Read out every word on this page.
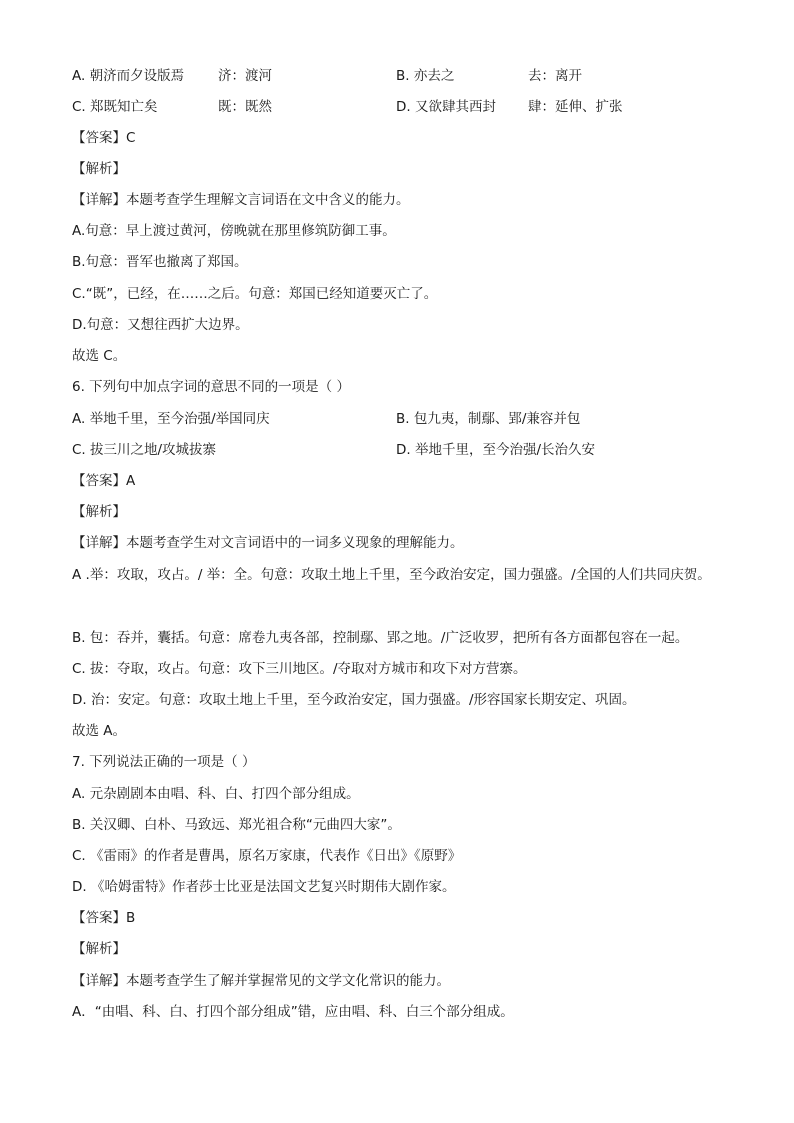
A. 朝济而夕设版焉	济：渡河	B. 亦去之	去：离开
C. 郑既知亡矣	既：既然	D. 又欲肆其西封 肆：延伸、扩张
【答案】C
【解析】
【详解】本题考查学生理解文言词语在文中含义的能力。
A.句意：早上渡过黄河，傍晚就在那里修筑防御工事。
B.句意：晋军也撤离了郑国。
C.“既”，已经，在……之后。句意：郑国已经知道要灭亡了。
D.句意：又想往西扩大边界。
故选 C。
6. 下列句中加点字词的意思不同的一项是（ ）
A. 举地千里，至今治强/举国同庆	B. 包九夷，制鄢、郢/兼容并包
C. 拔三川之地/攻城拔寨	D. 举地千里，至今治强/长治久安
【答案】A
【解析】
【详解】本题考查学生对文言词语中的一词多义现象的理解能力。
A .举：攻取，攻占。/ 举：全。句意：攻取土地上千里，至今政治安定，国力强盛。/全国的人们共同庆贺。
B. 包：吞并，囊括。句意：席卷九夷各部，控制鄢、郢之地。/广泛收罗，把所有各方面都包容在一起。
C. 拔：夺取，攻占。句意：攻下三川地区。/夺取对方城市和攻下对方营寨。
D. 治：安定。句意：攻取土地上千里，至今政治安定，国力强盛。/形容国家长期安定、巩固。
故选 A。
7. 下列说法正确的一项是（ ）
A. 元杂剧剧本由唱、科、白、打四个部分组成。
B. 关汉卿、白朴、马致远、郑光祖合称“元曲四大家”。
C. 《雷雨》的作者是曹禺，原名万家康，代表作《日出》《原野》
D. 《哈姆雷特》作者莎士比亚是法国文艺复兴时期伟大剧作家。
【答案】B
【解析】
【详解】本题考查学生了解并掌握常见的文学文化常识的能力。
A．“由唱、科、白、打四个部分组成”错，应由唱、科、白三个部分组成。
